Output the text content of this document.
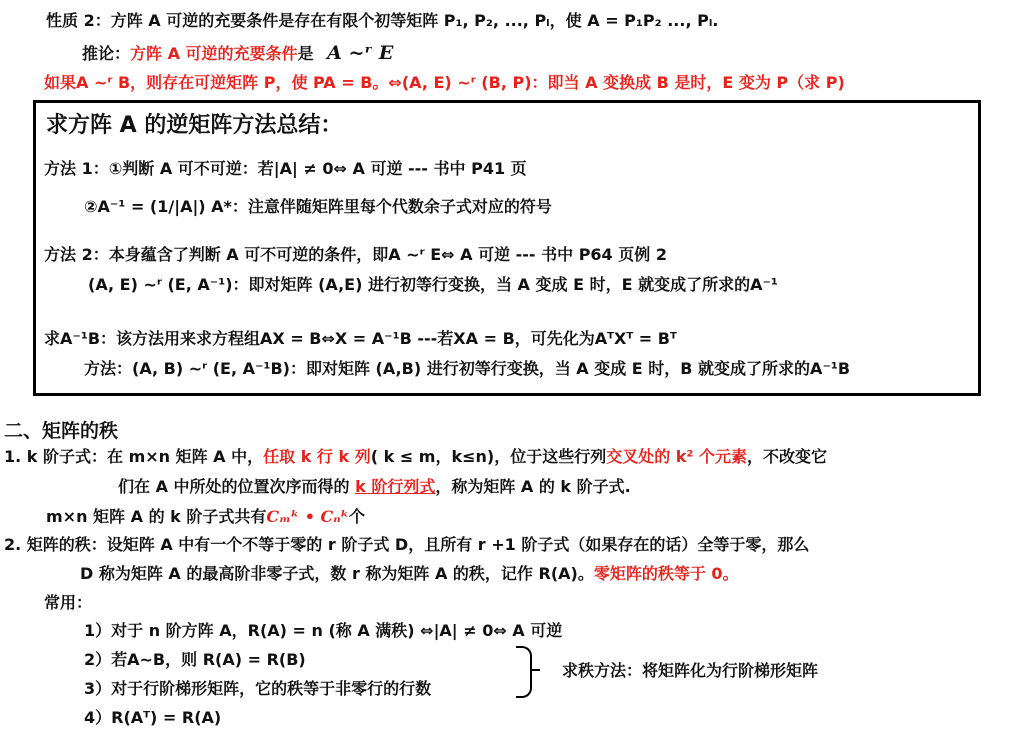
性质 2：方阵 A 可逆的充要条件是存在有限个初等矩阵 P₁, P₂, ..., Pₗ，使 A = P₁P₂ ..., Pₗ.
推论：方阵 A 可逆的充要条件是 A ~ʳ E
如果A ~ʳ B，则存在可逆矩阵 P，使 PA = B。⇔(A, E) ~ʳ (B, P)：即当 A 变换成 B 是时，E 变为 P（求 P)
求方阵 A 的逆矩阵方法总结：
方法 1：①判断 A 可不可逆：若|A| ≠ 0⇔ A 可逆 --- 书中 P41 页
②A⁻¹ = (1/|A|) A*：注意伴随矩阵里每个代数余子式对应的符号
方法 2：本身蕴含了判断 A 可不可逆的条件，即A ~ʳ E⇔ A 可逆 --- 书中 P64 页例 2
(A, E) ~ʳ (E, A⁻¹)：即对矩阵 (A,E) 进行初等行变换，当 A 变成 E 时，E 就变成了所求的A⁻¹
求A⁻¹B：该方法用来求方程组AX = B⇔X = A⁻¹B ---若XA = B，可先化为AᵀXᵀ = Bᵀ
方法：(A, B) ~ʳ (E, A⁻¹B)：即对矩阵 (A,B) 进行初等行变换，当 A 变成 E 时，B 就变成了所求的A⁻¹B
二、矩阵的秩
1. k 阶子式：在 m×n 矩阵 A 中，任取 k 行 k 列( k ≤ m，k≤n)，位于这些行列交叉处的 k² 个元素，不改变它
们在 A 中所处的位置次序而得的 k 阶行列式，称为矩阵 A 的 k 阶子式.
m×n 矩阵 A 的 k 阶子式共有Cₘᵏ • Cₙᵏ个
2. 矩阵的秩：设矩阵 A 中有一个不等于零的 r 阶子式 D，且所有 r +1 阶子式（如果存在的话）全等于零，那么
D 称为矩阵 A 的最高阶非零子式，数 r 称为矩阵 A 的秩，记作 R(A)。零矩阵的秩等于 0。
常用：
1）对于 n 阶方阵 A，R(A) = n (称 A 满秩) ⇔|A| ≠ 0⇔ A 可逆
2）若A~B，则 R(A) = R(B)
3）对于行阶梯形矩阵，它的秩等于非零行的行数
4）R(Aᵀ) = R(A)
求秩方法：将矩阵化为行阶梯形矩阵
